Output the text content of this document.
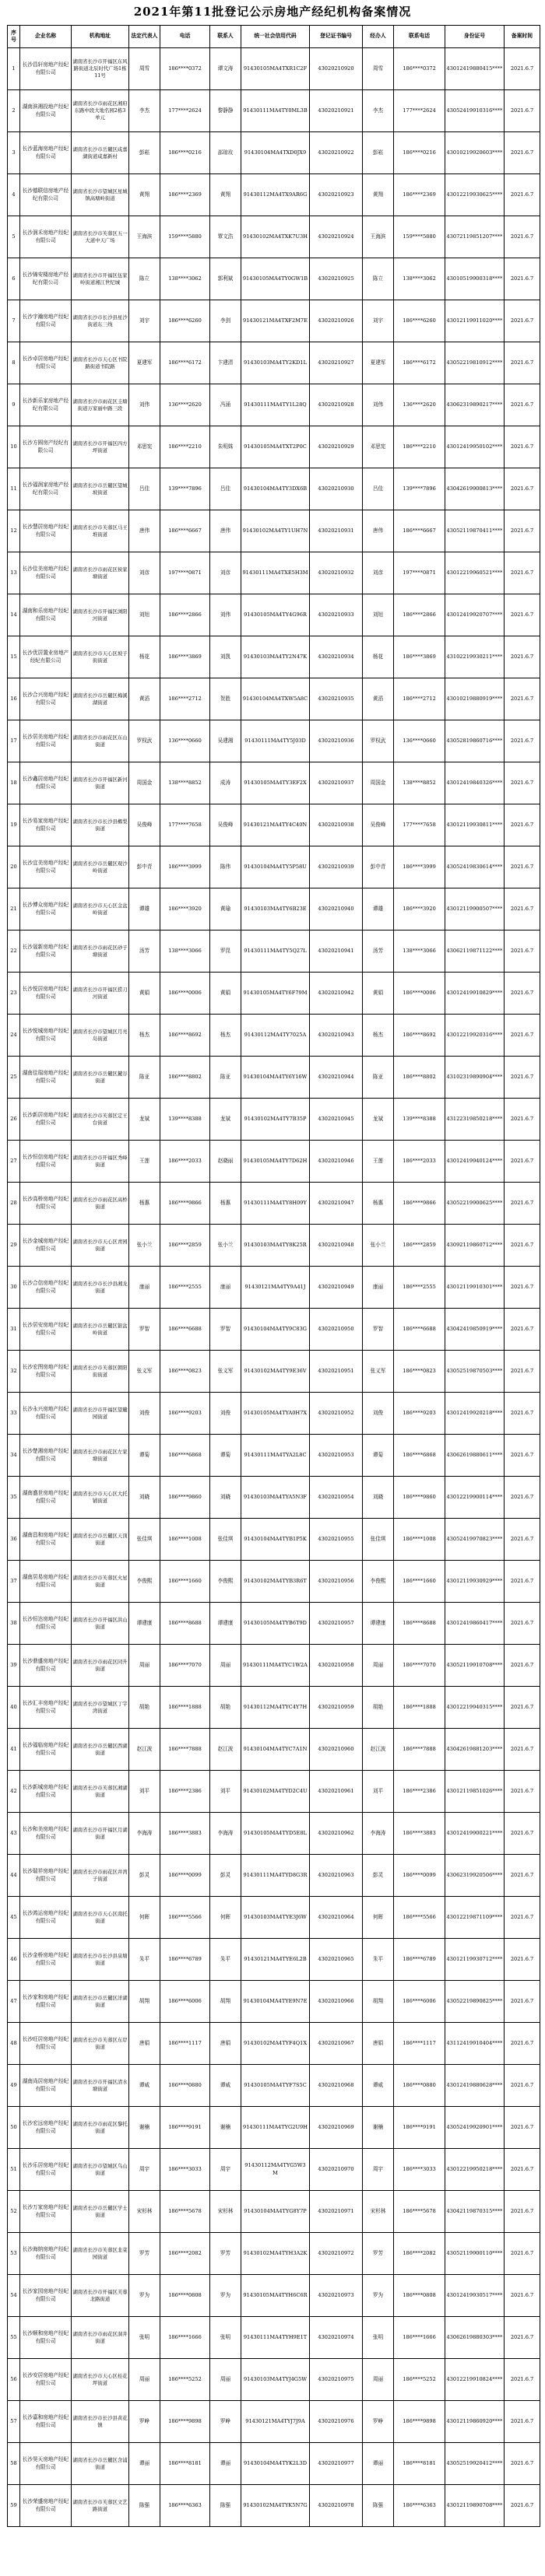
2021年第11批登记公示房地产经纪机构备案情况
序号	企业名称	机构地址	法定代表人	电话	联系人	统一社会信用代码	登记证书编号	经办人	联系电话	身份证号	备案时间
1	长沙昌轩房地产经纪有限公司	湖南省长沙市开福区东风路街道北辰时代广场1栋11号	周雪	186****0372	谭文涛	91430105MA4TXR1C2F	43020210920	周雪	186****0372	43012419880415****	2021.6.7
2	湖南滨湘投地产经纪有限公司	湖南省长沙市雨花区湘府东路中段大地名园2栋3单元	李杰	177****2624	黎静静	91430111MA4TY0ML3B	43020210921	李杰	177****2624	43052419910316****	2021.6.7
3	长沙蓝海房地产经纪有限公司	湖南省长沙市岳麓区咸嘉湖街道咸嘉新村	彭崧	186****0216	邵琼玫	91430104MA4TXD0JX9	43020210922	彭崧	186****0216	43010219920603****	2021.6.7
4	长沙德联信房地产经纪有限公司	湖南省长沙市望城区星城镇高塘岭街道	黄翔	186****2369	黄翔	91430112MA4TX9AR6G	43020210923	黄翔	186****2369	43012219930625****	2021.6.7
5	长沙润禾房地产经纪有限公司	湖南省长沙市芙蓉区五一大道中天广场	王海滨	159****5880	覃文浩	91430102MA4TXK7U3H	43020210924	王海滨	159****5880	43072119851207****	2021.6.7
6	长沙锦安楼房地产经纪有限公司	湖南省长沙市开福区伍家岭街道湘江世纪城	陈立	138****3062	郭利斌	91430105MA4TY0GW1B	43020210925	陈立	138****3062	43010519900318****	2021.6.7
7	长沙宇瀚房地产经纪有限公司	湖南省长沙市长沙县星沙街道东三线	刘宇	186****6260	李剑	91430121MA4TXF2M7E	43020210926	刘宇	186****6260	43012119911020****	2021.6.7
8	长沙卓居房地产经纪有限公司	湖南省长沙市天心区书院路街道书院路	夏建军	186****6172	卞建清	91430103MA4TY2KD1L	43020210927	夏建军	186****6172	43052219810912****	2021.6.7
9	长沙新乐家房地产经纪有限公司	湖南省长沙市雨花区圭塘街道万家丽中路三段	刘伟	136****2620	冯涌	91430111MA4TY1L28Q	43020210928	刘伟	136****2620	43062319890217****	2021.6.7
10	长沙方圆房产经纪有限公司	湖南省长沙市开福区四方坪街道	邓思宪	186****2210	朱明姝	91430105MA4TXT2P0C	43020210929	邓思宪	186****2210	43012419950102****	2021.6.7
11	长沙福润家房地产经纪有限公司	湖南省长沙市岳麓区望城坡街道	吕佳	139****7896	吕佳	91430104MA4TY3DX6B	43020210930	吕佳	139****7896	43042619900813****	2021.6.7
12	长沙慧居房地产经纪有限公司	湖南省长沙市芙蓉区马王堆街道	唐伟	186****6667	唐伟	91430102MA4TY1UH7N	43020210931	唐伟	186****6667	43052119870411****	2021.6.7
13	长沙佳美房地产经纪有限公司	湖南省长沙市雨花区侯家塘街道	刘彦	197****0871	刘彦	91430111MA4TXE5H3M	43020210932	刘彦	197****0871	43012219960521****	2021.6.7
14	湖南和乐房地产经纪有限公司	湖南省长沙市开福区浏阳河街道	刘旭	186****2866	刘伟	91430105MA4TY4G96R	43020210933	刘旭	186****2866	43012419920707****	2021.6.7
15	长沙优居置业房地产经纪有限公司	湖南省长沙市天心区坡子街街道	杨花	186****3869	刘凯	91430103MA4TY2N47K	43020210934	杨花	186****3869	43102219930211****	2021.6.7
16	长沙合兴房地产经纪有限公司	湖南省长沙市岳麓区梅溪湖街道	黄滔	186****2712	贺胜	91430104MA4TXW5A8C	43020210935	黄滔	186****2712	43010219880919****	2021.6.7
17	长沙居美房地产经纪有限公司	湖南省长沙市雨花区东山街道	罗权武	136****0660	吴建湘	91430111MA4TY5J03D	43020210936	罗权武	136****0660	43052819860716****	2021.6.7
18	长沙鑫居房地产经纪有限公司	湖南省长沙市开福区新河街道	周国金	138****8852	成涛	91430105MA4TY3EF2X	43020210937	周国金	138****8852	43012419840326****	2021.6.7
19	长沙易家房地产经纪有限公司	湖南省长沙市长沙县榔梨街道	吴俊峰	177****7658	吴俊峰	91430121MA4TY4C40N	43020210938	吴俊峰	177****7658	43012119930811****	2021.6.7
20	长沙宜美房地产经纪有限公司	湖南省长沙市岳麓区观沙岭街道	彭中青	186****3999	陈伟	91430104MA4TY5P58U	43020210939	彭中青	186****3999	43052419830614****	2021.6.7
21	长沙博众房地产经纪有限公司	湖南省长沙市天心区金盆岭街道	谭雄	186****3920	黄瑜	91430103MA4TY6B23E	43020210940	谭雄	186****3920	43012119900507****	2021.6.7
22	长沙晟新房地产经纪有限公司	湖南省长沙市雨花区砂子塘街道	汤芳	138****3066	罗昆	91430111MA4TY5Q27L	43020210941	汤芳	138****3066	43062119871122****	2021.6.7
23	长沙悦居房地产经纪有限公司	湖南省长沙市开福区捞刀河街道	黄娟	186****0006	黄娟	91430105MA4TY6F79M	43020210942	黄娟	186****0006	43012419910829****	2021.6.7
24	长沙悦城房地产经纪有限公司	湖南省长沙市望城区月亮岛街道	杨杰	186****8692	杨杰	91430112MA4TY7025A	43020210943	杨杰	186****8692	43012219920316****	2021.6.7
25	湖南佳瑞房地产经纪有限公司	湖南省长沙市岳麓区麓谷街道	陈亚	186****8802	陈亚	91430104MA4TY6Y16W	43020210944	陈亚	186****8802	43102319890904****	2021.6.7
26	长沙新居房地产经纪有限公司	湖南省长沙市芙蓉区定王台街道	龙斌	139****8388	龙斌	91430102MA4TY7B35P	43020210945	龙斌	139****8388	43122319850218****	2021.6.7
27	长沙恒信房地产经纪有限公司	湖南省长沙市开福区秀峰街道	王莲	186****2033	赵晓丽	91430105MA4TY7D62H	43020210946	王莲	186****2033	43012419940124****	2021.6.7
28	长沙高桥房地产经纪有限公司	湖南省长沙市雨花区高桥街道	杨惠	186****9866	杨惠	91430111MA4TY8H09Y	43020210947	杨惠	186****9866	43052219900625****	2021.6.7
29	长沙金城房地产经纪有限公司	湖南省长沙市天心区青园街道	张小兰	186****2859	张小兰	91430103MA4TY8K25R	43020210948	张小兰	186****2859	43092119860712****	2021.6.7
30	长沙合信房地产经纪有限公司	湖南省长沙市长沙县湘龙街道	康丽	186****2555	康丽	91430121MA4TY9A41J	43020210949	康丽	186****2555	43012119910301****	2021.6.7
31	长沙居安房地产经纪有限公司	湖南省长沙市岳麓区银盆岭街道	罗智	186****6688	罗智	91430104MA4TY9C83G	43020210950	罗智	186****6688	43042419850919****	2021.6.7
32	长沙宏图房地产经纪有限公司	湖南省长沙市芙蓉区朝阳街街道	张义军	186****0823	张义军	91430102MA4TY9E36V	43020210951	张义军	186****0823	43052519870503****	2021.6.7
33	长沙永兴房地产经纪有限公司	湖南省长沙市开福区望麓园街道	刘俊	186****9203	刘俊	91430105MA4TYA0H7X	43020210952	刘俊	186****9203	43012419920218****	2021.6.7
34	长沙楚湘房地产经纪有限公司	湖南省长沙市雨花区左家塘街道	谭菊	186****6868	谭菊	91430111MA4TYA2L8C	43020210953	谭菊	186****6868	43062619880611****	2021.6.7
35	湖南盛世房地产经纪有限公司	湖南省长沙市天心区大托铺街道	刘晓	186****9860	刘晓	91430103MA4TYA5N3F	43020210954	刘晓	186****9860	43012219900114****	2021.6.7
36	湖南昌和房地产经纪有限公司	湖南省长沙市岳麓区天顶街道	张佳琪	186****1008	张佳琪	91430104MA4TYB1P5K	43020210955	张佳琪	186****1008	43052419970823****	2021.6.7
37	湖南居易房地产经纪有限公司	湖南省长沙市芙蓉区火星街道	李俊熙	186****1660	李俊熙	91430102MA4TYB3R6T	43020210956	李俊熙	186****1660	43012119930929****	2021.6.7
38	长沙恒达房地产经纪有限公司	湖南省长沙市开福区洪山街道	谭建康	186****8688	谭建康	91430105MA4TYB6T9D	43020210957	谭建康	186****8688	43012419860417****	2021.6.7
39	长沙鼎盛房地产经纪有限公司	湖南省长沙市雨花区同升街道	周丽	186****7070	周丽	91430111MA4TYC1W2A	43020210958	周丽	186****7070	43052119910708****	2021.6.7
40	长沙汇丰房地产经纪有限公司	湖南省长沙市望城区丁字湾街道	胡艳	186****1888	胡艳	91430112MA4TYC4Y7H	43020210959	胡艳	186****1888	43012219940315****	2021.6.7
41	长沙福临房地产经纪有限公司	湖南省长沙市岳麓区西湖街道	赵江波	186****7888	赵江波	91430104MA4TYC7A1N	43020210960	赵江波	186****7888	43042619881203****	2021.6.7
42	长沙新城房地产经纪有限公司	湖南省长沙市芙蓉区湘湖街道	刘平	186****2386	刘平	91430102MA4TYD2C4U	43020210961	刘平	186****2386	43012119851026****	2021.6.7
43	长沙和美房地产经纪有限公司	湖南省长沙市开福区月湖街道	李海涛	186****3883	李海涛	91430105MA4TYD5E8L	43020210962	李海涛	186****3883	43012419900221****	2021.6.7
44	长沙瑞祥房地产经纪有限公司	湖南省长沙市雨花区井湾子街道	彭灵	186****0099	彭灵	91430111MA4TYD8G3R	43020210963	彭灵	186****0099	43062319920506****	2021.6.7
45	长沙鸿运房地产经纪有限公司	湖南省长沙市天心区南托街道	何晖	186****5566	何晖	91430103MA4TYE3J6W	43020210964	何晖	186****5566	43012219871109****	2021.6.7
46	长沙金桥房地产经纪有限公司	湖南省长沙市长沙县泉塘街道	朱平	186****6789	朱平	91430121MA4TYE6L2B	43020210965	朱平	186****6789	43012119930712****	2021.6.7
47	长沙家和房地产经纪有限公司	湖南省长沙市岳麓区洋湖街道	胡翔	186****6006	胡翔	91430104MA4TYE9N7E	43020210966	胡翔	186****6006	43052219890825****	2021.6.7
48	长沙旺居房地产经纪有限公司	湖南省长沙市芙蓉区东岸街道	唐娟	186****1117	唐娟	91430102MA4TYF4Q1X	43020210967	唐娟	186****1117	43112419910404****	2021.6.7
49	湖南尚居房地产经纪有限公司	湖南省长沙市开福区清水塘街道	谭威	186****0880	谭威	91430105MA4TYF7S5C	43020210968	谭威	186****0880	43012419880628****	2021.6.7
50	长沙宏远房地产经纪有限公司	湖南省长沙市雨花区黎托街道	谢楠	186****9191	谢楠	91430111MA4TYG2U9H	43020210969	谢楠	186****9191	43052419920901****	2021.6.7
51	长沙乐居房地产经纪有限公司	湖南省长沙市望城区乌山街道	周宇	186****3033	周宇	91430112MA4TYG5W3M	43020210970	周宇	186****3033	43012219950218****	2021.6.7
52	长沙万家房地产经纪有限公司	湖南省长沙市岳麓区学士街道	宋杉林	186****5678	宋杉林	91430104MA4TYG8Y7P	43020210971	宋杉林	186****5678	43042119870315****	2021.6.7
53	长沙海纳房地产经纪有限公司	湖南省长沙市芙蓉区韭菜园街道	罗芳	186****2082	罗芳	91430102MA4TYH3A2K	43020210972	罗芳	186****2082	43052119900110****	2021.6.7
54	长沙家园房地产经纪有限公司	湖南省长沙市开福区芙蓉北路街道	罗为	186****0808	罗为	91430105MA4TYH6C6R	43020210973	罗为	186****0808	43012419930517****	2021.6.7
55	长沙顺和房地产经纪有限公司	湖南省长沙市雨花区洞井街道	张明	186****1666	张明	91430111MA4TYH9E1T	43020210974	张明	186****1666	43062619880303****	2021.6.7
56	长沙安居房地产经纪有限公司	湖南省长沙市天心区桂花坪街道	周丽	186****5252	周丽	91430103MA4TYJ4G5W	43020210975	周丽	186****5252	43012219910824****	2021.6.7
57	长沙嘉和房地产经纪有限公司	湖南省长沙市长沙县黄花镇	罗峥	186****9898	罗峥	91430121MA4TYJ7J9A	43020210976	罗峥	186****9898	43012119860920****	2021.6.7
58	长沙昊天房地产经纪有限公司	湖南省长沙市岳麓区含浦街道	谭丽	186****8181	谭丽	91430104MA4TYK2L3D	43020210977	谭丽	186****8181	43052519920412****	2021.6.7
59	长沙荣盛房地产经纪有限公司	湖南省长沙市芙蓉区文艺路街道	陈强	186****6363	陈强	91430102MA4TYK5N7G	43020210978	陈强	186****6363	43012119890708****	2021.6.7
